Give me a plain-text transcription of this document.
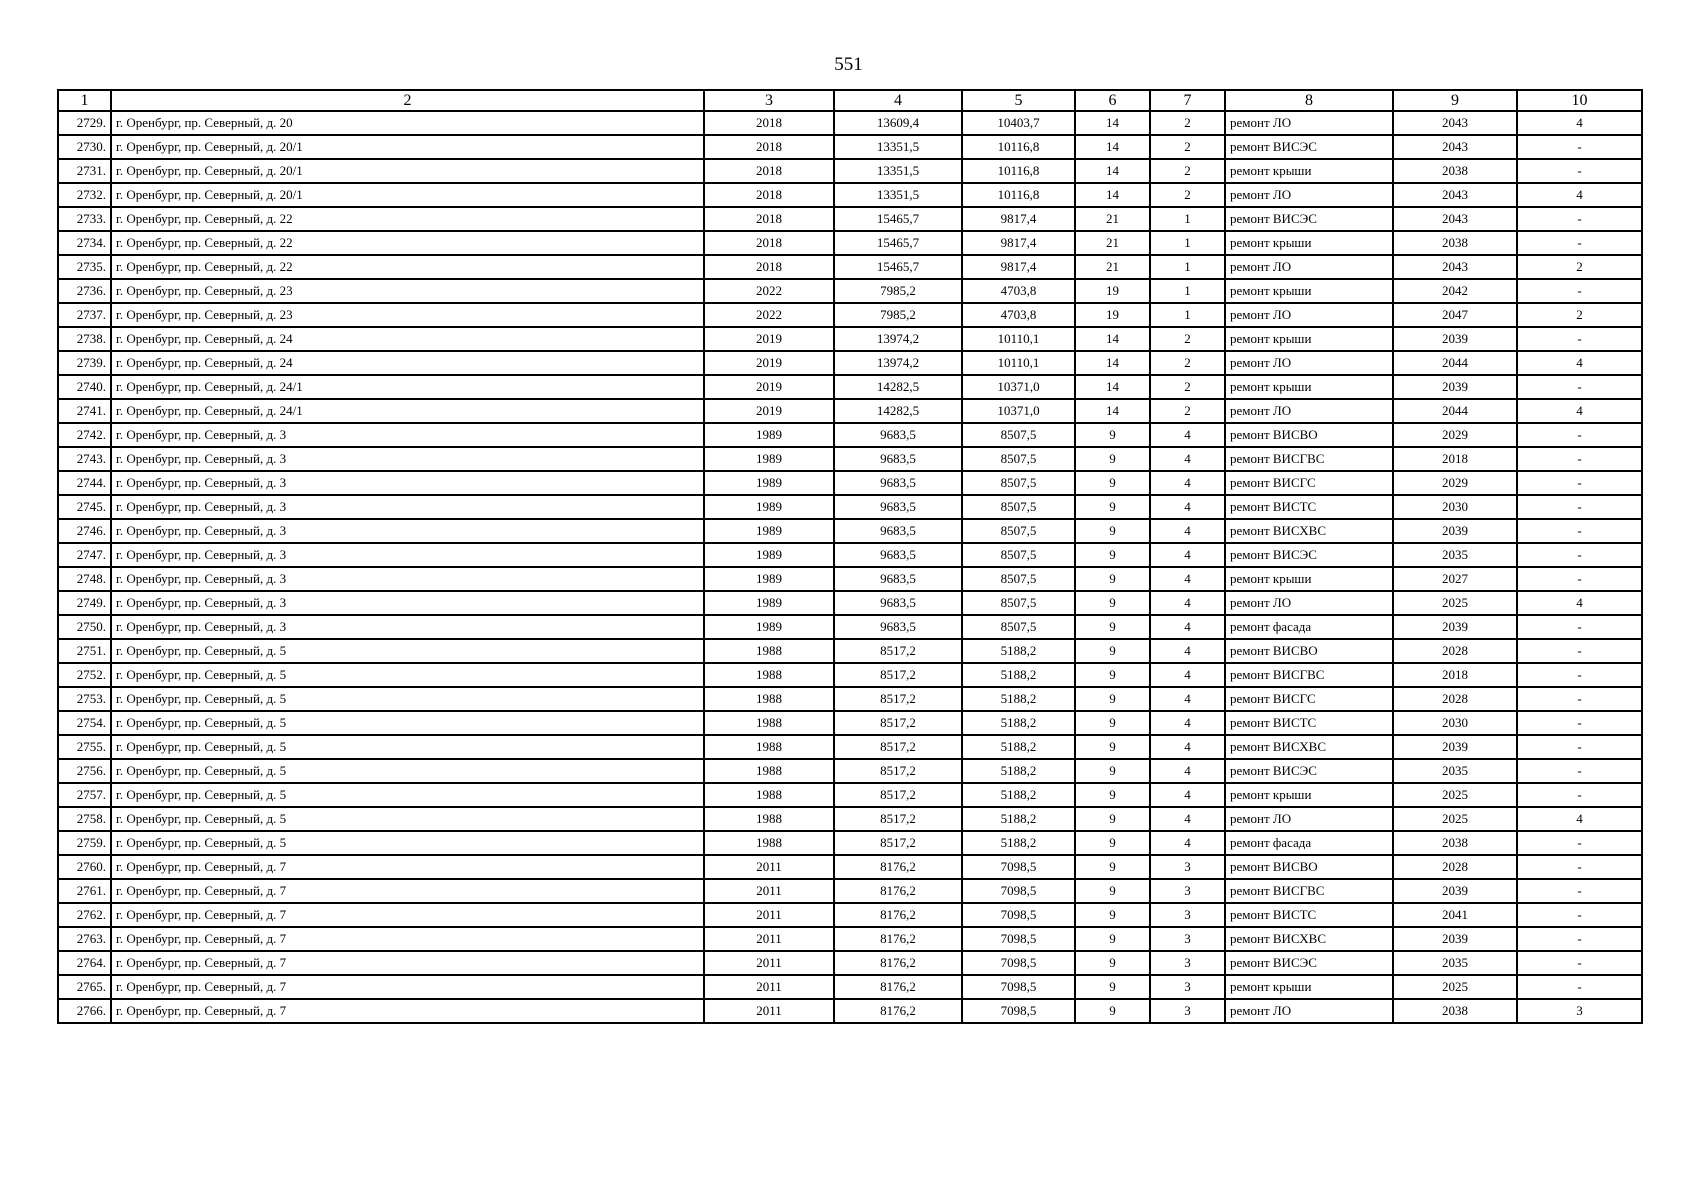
551
1	2	3	4	5	6	7	8	9	10
2729.	г. Оренбург, пр. Северный, д. 20	2018	13609,4	10403,7	14	2	ремонт ЛО	2043	4
2730.	г. Оренбург, пр. Северный, д. 20/1	2018	13351,5	10116,8	14	2	ремонт ВИСЭС	2043	-
2731.	г. Оренбург, пр. Северный, д. 20/1	2018	13351,5	10116,8	14	2	ремонт крыши	2038	-
2732.	г. Оренбург, пр. Северный, д. 20/1	2018	13351,5	10116,8	14	2	ремонт ЛО	2043	4
2733.	г. Оренбург, пр. Северный, д. 22	2018	15465,7	9817,4	21	1	ремонт ВИСЭС	2043	-
2734.	г. Оренбург, пр. Северный, д. 22	2018	15465,7	9817,4	21	1	ремонт крыши	2038	-
2735.	г. Оренбург, пр. Северный, д. 22	2018	15465,7	9817,4	21	1	ремонт ЛО	2043	2
2736.	г. Оренбург, пр. Северный, д. 23	2022	7985,2	4703,8	19	1	ремонт крыши	2042	-
2737.	г. Оренбург, пр. Северный, д. 23	2022	7985,2	4703,8	19	1	ремонт ЛО	2047	2
2738.	г. Оренбург, пр. Северный, д. 24	2019	13974,2	10110,1	14	2	ремонт крыши	2039	-
2739.	г. Оренбург, пр. Северный, д. 24	2019	13974,2	10110,1	14	2	ремонт ЛО	2044	4
2740.	г. Оренбург, пр. Северный, д. 24/1	2019	14282,5	10371,0	14	2	ремонт крыши	2039	-
2741.	г. Оренбург, пр. Северный, д. 24/1	2019	14282,5	10371,0	14	2	ремонт ЛО	2044	4
2742.	г. Оренбург, пр. Северный, д. 3	1989	9683,5	8507,5	9	4	ремонт ВИСВО	2029	-
2743.	г. Оренбург, пр. Северный, д. 3	1989	9683,5	8507,5	9	4	ремонт ВИСГВС	2018	-
2744.	г. Оренбург, пр. Северный, д. 3	1989	9683,5	8507,5	9	4	ремонт ВИСГС	2029	-
2745.	г. Оренбург, пр. Северный, д. 3	1989	9683,5	8507,5	9	4	ремонт ВИСТС	2030	-
2746.	г. Оренбург, пр. Северный, д. 3	1989	9683,5	8507,5	9	4	ремонт ВИСХВС	2039	-
2747.	г. Оренбург, пр. Северный, д. 3	1989	9683,5	8507,5	9	4	ремонт ВИСЭС	2035	-
2748.	г. Оренбург, пр. Северный, д. 3	1989	9683,5	8507,5	9	4	ремонт крыши	2027	-
2749.	г. Оренбург, пр. Северный, д. 3	1989	9683,5	8507,5	9	4	ремонт ЛО	2025	4
2750.	г. Оренбург, пр. Северный, д. 3	1989	9683,5	8507,5	9	4	ремонт фасада	2039	-
2751.	г. Оренбург, пр. Северный, д. 5	1988	8517,2	5188,2	9	4	ремонт ВИСВО	2028	-
2752.	г. Оренбург, пр. Северный, д. 5	1988	8517,2	5188,2	9	4	ремонт ВИСГВС	2018	-
2753.	г. Оренбург, пр. Северный, д. 5	1988	8517,2	5188,2	9	4	ремонт ВИСГС	2028	-
2754.	г. Оренбург, пр. Северный, д. 5	1988	8517,2	5188,2	9	4	ремонт ВИСТС	2030	-
2755.	г. Оренбург, пр. Северный, д. 5	1988	8517,2	5188,2	9	4	ремонт ВИСХВС	2039	-
2756.	г. Оренбург, пр. Северный, д. 5	1988	8517,2	5188,2	9	4	ремонт ВИСЭС	2035	-
2757.	г. Оренбург, пр. Северный, д. 5	1988	8517,2	5188,2	9	4	ремонт крыши	2025	-
2758.	г. Оренбург, пр. Северный, д. 5	1988	8517,2	5188,2	9	4	ремонт ЛО	2025	4
2759.	г. Оренбург, пр. Северный, д. 5	1988	8517,2	5188,2	9	4	ремонт фасада	2038	-
2760.	г. Оренбург, пр. Северный, д. 7	2011	8176,2	7098,5	9	3	ремонт ВИСВО	2028	-
2761.	г. Оренбург, пр. Северный, д. 7	2011	8176,2	7098,5	9	3	ремонт ВИСГВС	2039	-
2762.	г. Оренбург, пр. Северный, д. 7	2011	8176,2	7098,5	9	3	ремонт ВИСТС	2041	-
2763.	г. Оренбург, пр. Северный, д. 7	2011	8176,2	7098,5	9	3	ремонт ВИСХВС	2039	-
2764.	г. Оренбург, пр. Северный, д. 7	2011	8176,2	7098,5	9	3	ремонт ВИСЭС	2035	-
2765.	г. Оренбург, пр. Северный, д. 7	2011	8176,2	7098,5	9	3	ремонт крыши	2025	-
2766.	г. Оренбург, пр. Северный, д. 7	2011	8176,2	7098,5	9	3	ремонт ЛО	2038	3
